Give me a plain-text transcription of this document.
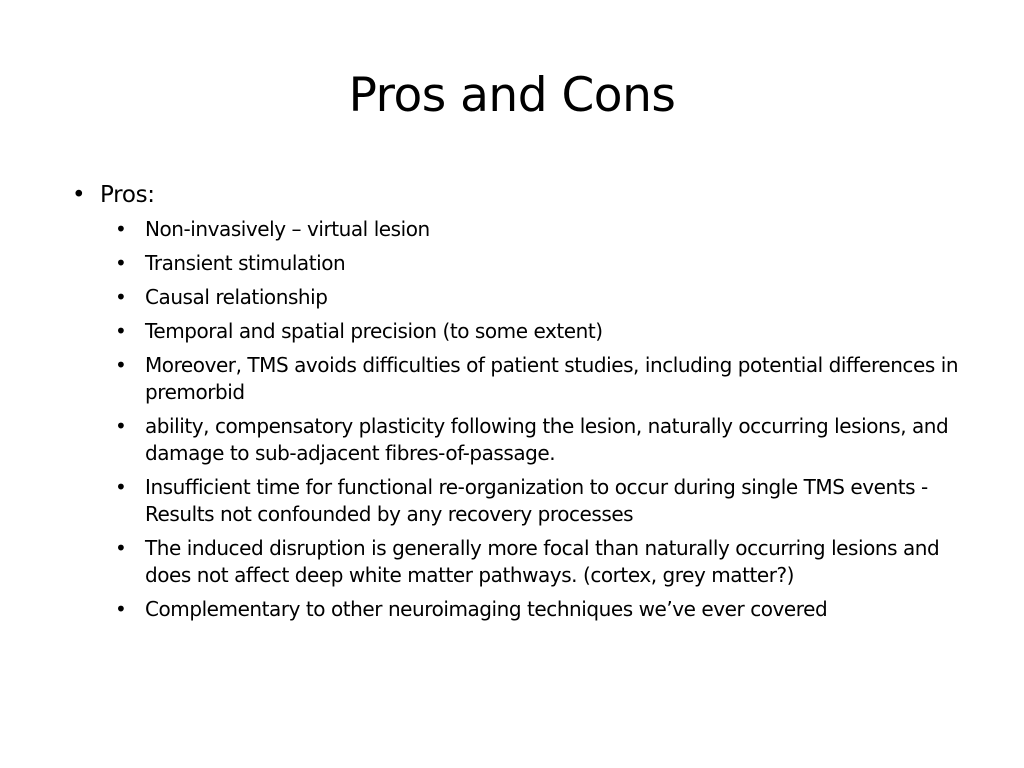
Pros and Cons
• Pros:
• Non-invasively – virtual lesion
• Transient stimulation
• Causal relationship
• Temporal and spatial precision (to some extent)
• Moreover, TMS avoids difficulties of patient studies, including potential differences in premorbid
• ability, compensatory plasticity following the lesion, naturally occurring lesions, and damage to sub-adjacent fibres-of-passage.
• Insufficient time for functional re-organization to occur during single TMS events - Results not confounded by any recovery processes
• The induced disruption is generally more focal than naturally occurring lesions and does not affect deep white matter pathways. (cortex, grey matter?)
• Complementary to other neuroimaging techniques we’ve ever covered
